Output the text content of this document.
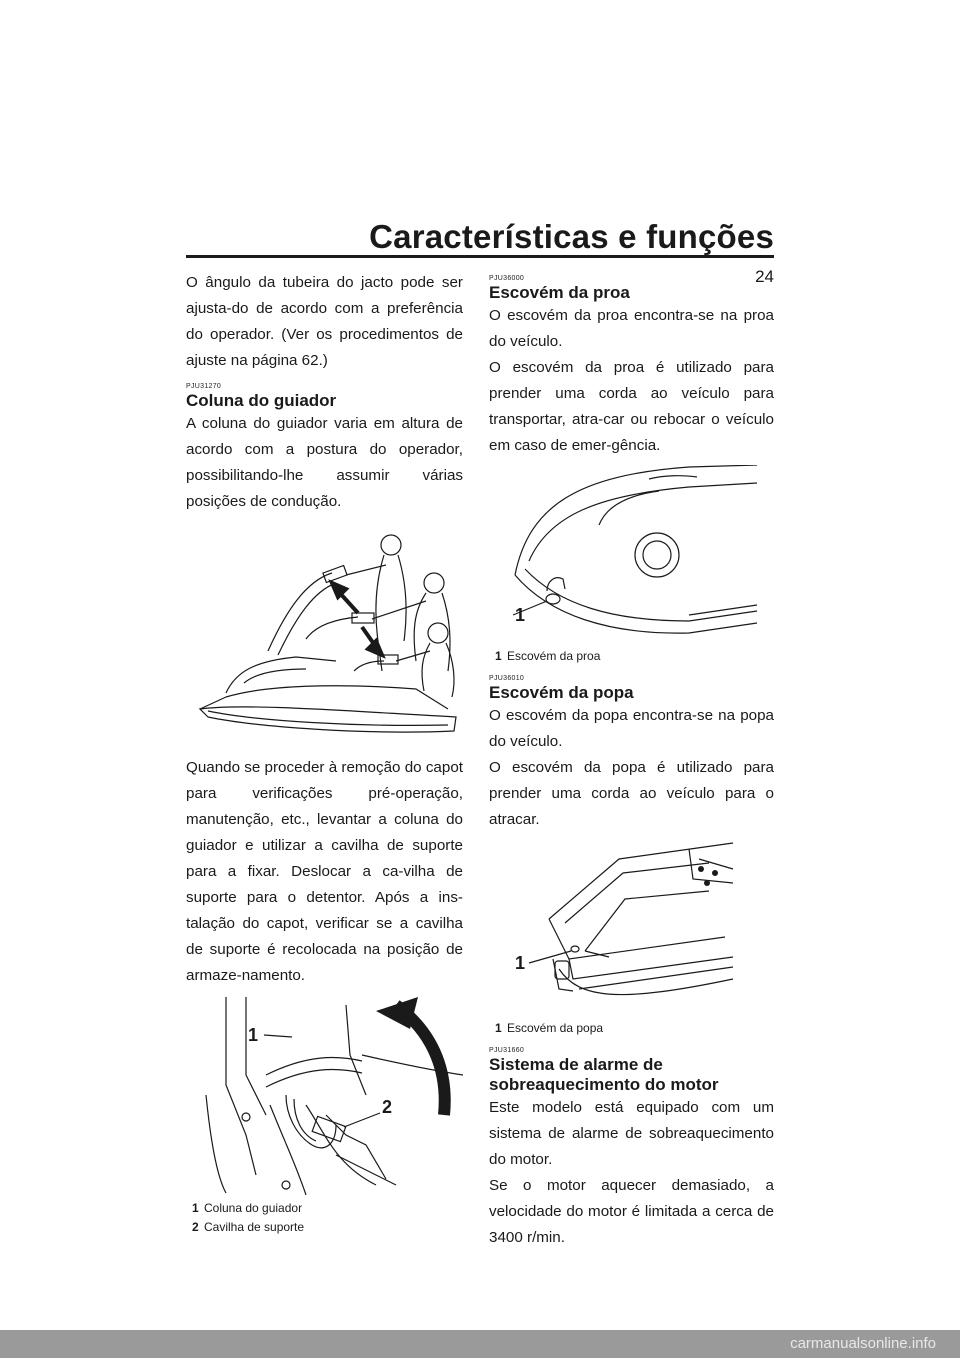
Características e funções
24

O ângulo da tubeira do jacto pode ser ajusta-do de acordo com a preferência do operador. (Ver os procedimentos de ajuste na página 62.)

PJU31270
Coluna do guiador

A coluna do guiador varia em altura de acordo com a postura do operador, possibilitando-lhe assumir várias posições de condução.

Quando se proceder à remoção do capot para verificações pré-operação, manutenção, etc., levantar a coluna do guiador e utilizar a cavilha de suporte para a fixar. Deslocar a ca-vilha de suporte para o detentor. Após a ins-talação do capot, verificar se a cavilha de suporte é recolocada na posição de armaze-namento.

1
2
1 Coluna do guiador
2 Cavilha de suporte
PJU36000
Escovém da proa

O escovém da proa encontra-se na proa do veículo.

O escovém da proa é utilizado para prender uma corda ao veículo para transportar, atra-car ou rebocar o veículo em caso de emer-gência.

1
1 Escovém da proa
PJU36010
Escovém da popa

O escovém da popa encontra-se na popa do veículo.

O escovém da popa é utilizado para prender uma corda ao veículo para o atracar.

1
1 Escovém da popa
PJU31660
Sistema de alarme de sobreaquecimento do motor

Este modelo está equipado com um sistema de alarme de sobreaquecimento do motor.

Se o motor aquecer demasiado, a velocidade do motor é limitada a cerca de 3400 r/min.

carmanualsonline.info
